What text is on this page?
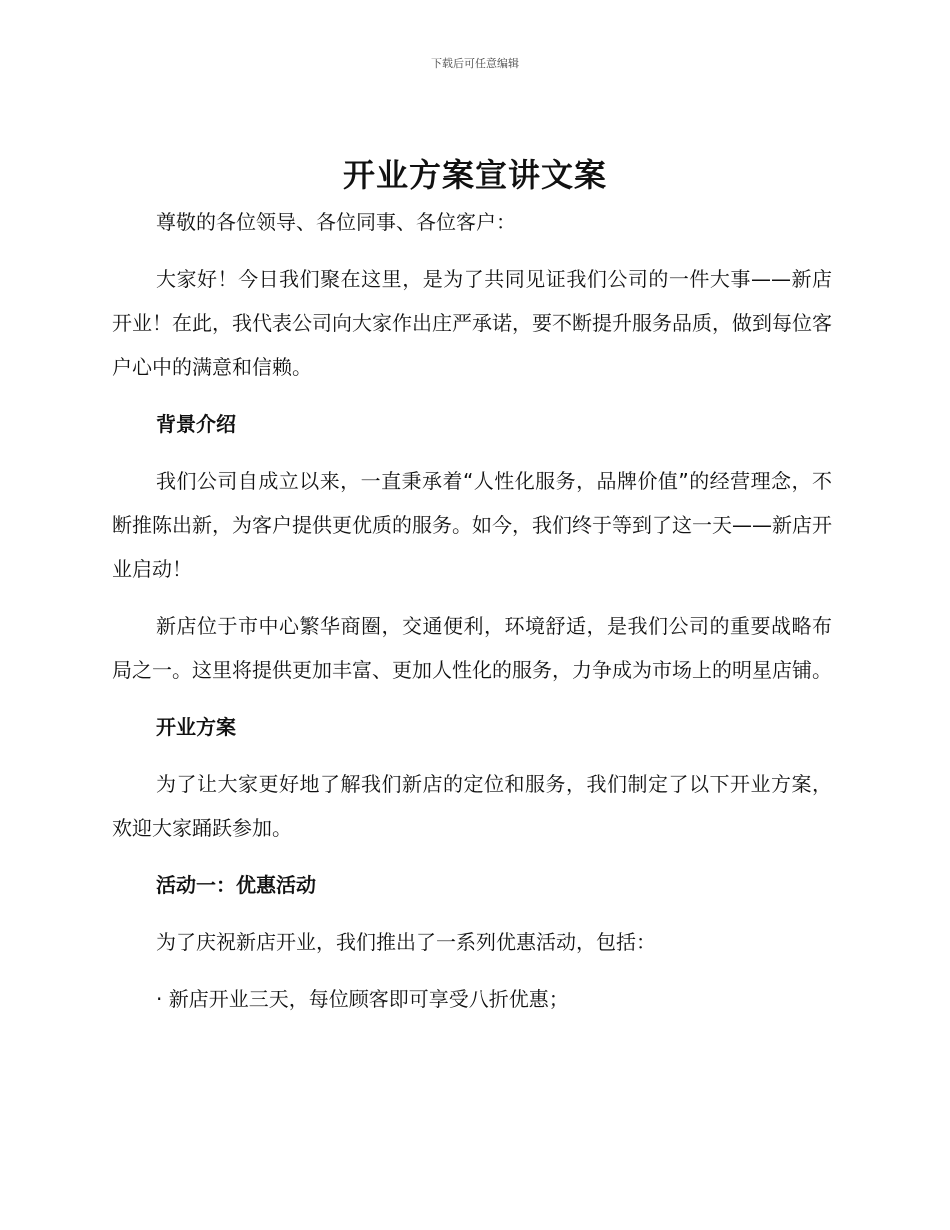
下载后可任意编辑
开业方案宣讲文案

尊敬的各位领导、各位同事、各位客户：

大家好！今日我们聚在这里，是为了共同见证我们公司的一件大事——新店开业！在此，我代表公司向大家作出庄严承诺，要不断提升服务品质，做到每位客户心中的满意和信赖。

背景介绍

我们公司自成立以来，一直秉承着“人性化服务，品牌价值”的经营理念，不断推陈出新，为客户提供更优质的服务。如今，我们终于等到了这一天——新店开业启动！

新店位于市中心繁华商圈，交通便利，环境舒适，是我们公司的重要战略布局之一。这里将提供更加丰富、更加人性化的服务，力争成为市场上的明星店铺。

开业方案

为了让大家更好地了解我们新店的定位和服务，我们制定了以下开业方案，欢迎大家踊跃参加。

活动一：优惠活动

为了庆祝新店开业，我们推出了一系列优惠活动，包括：

· 新店开业三天，每位顾客即可享受八折优惠；
